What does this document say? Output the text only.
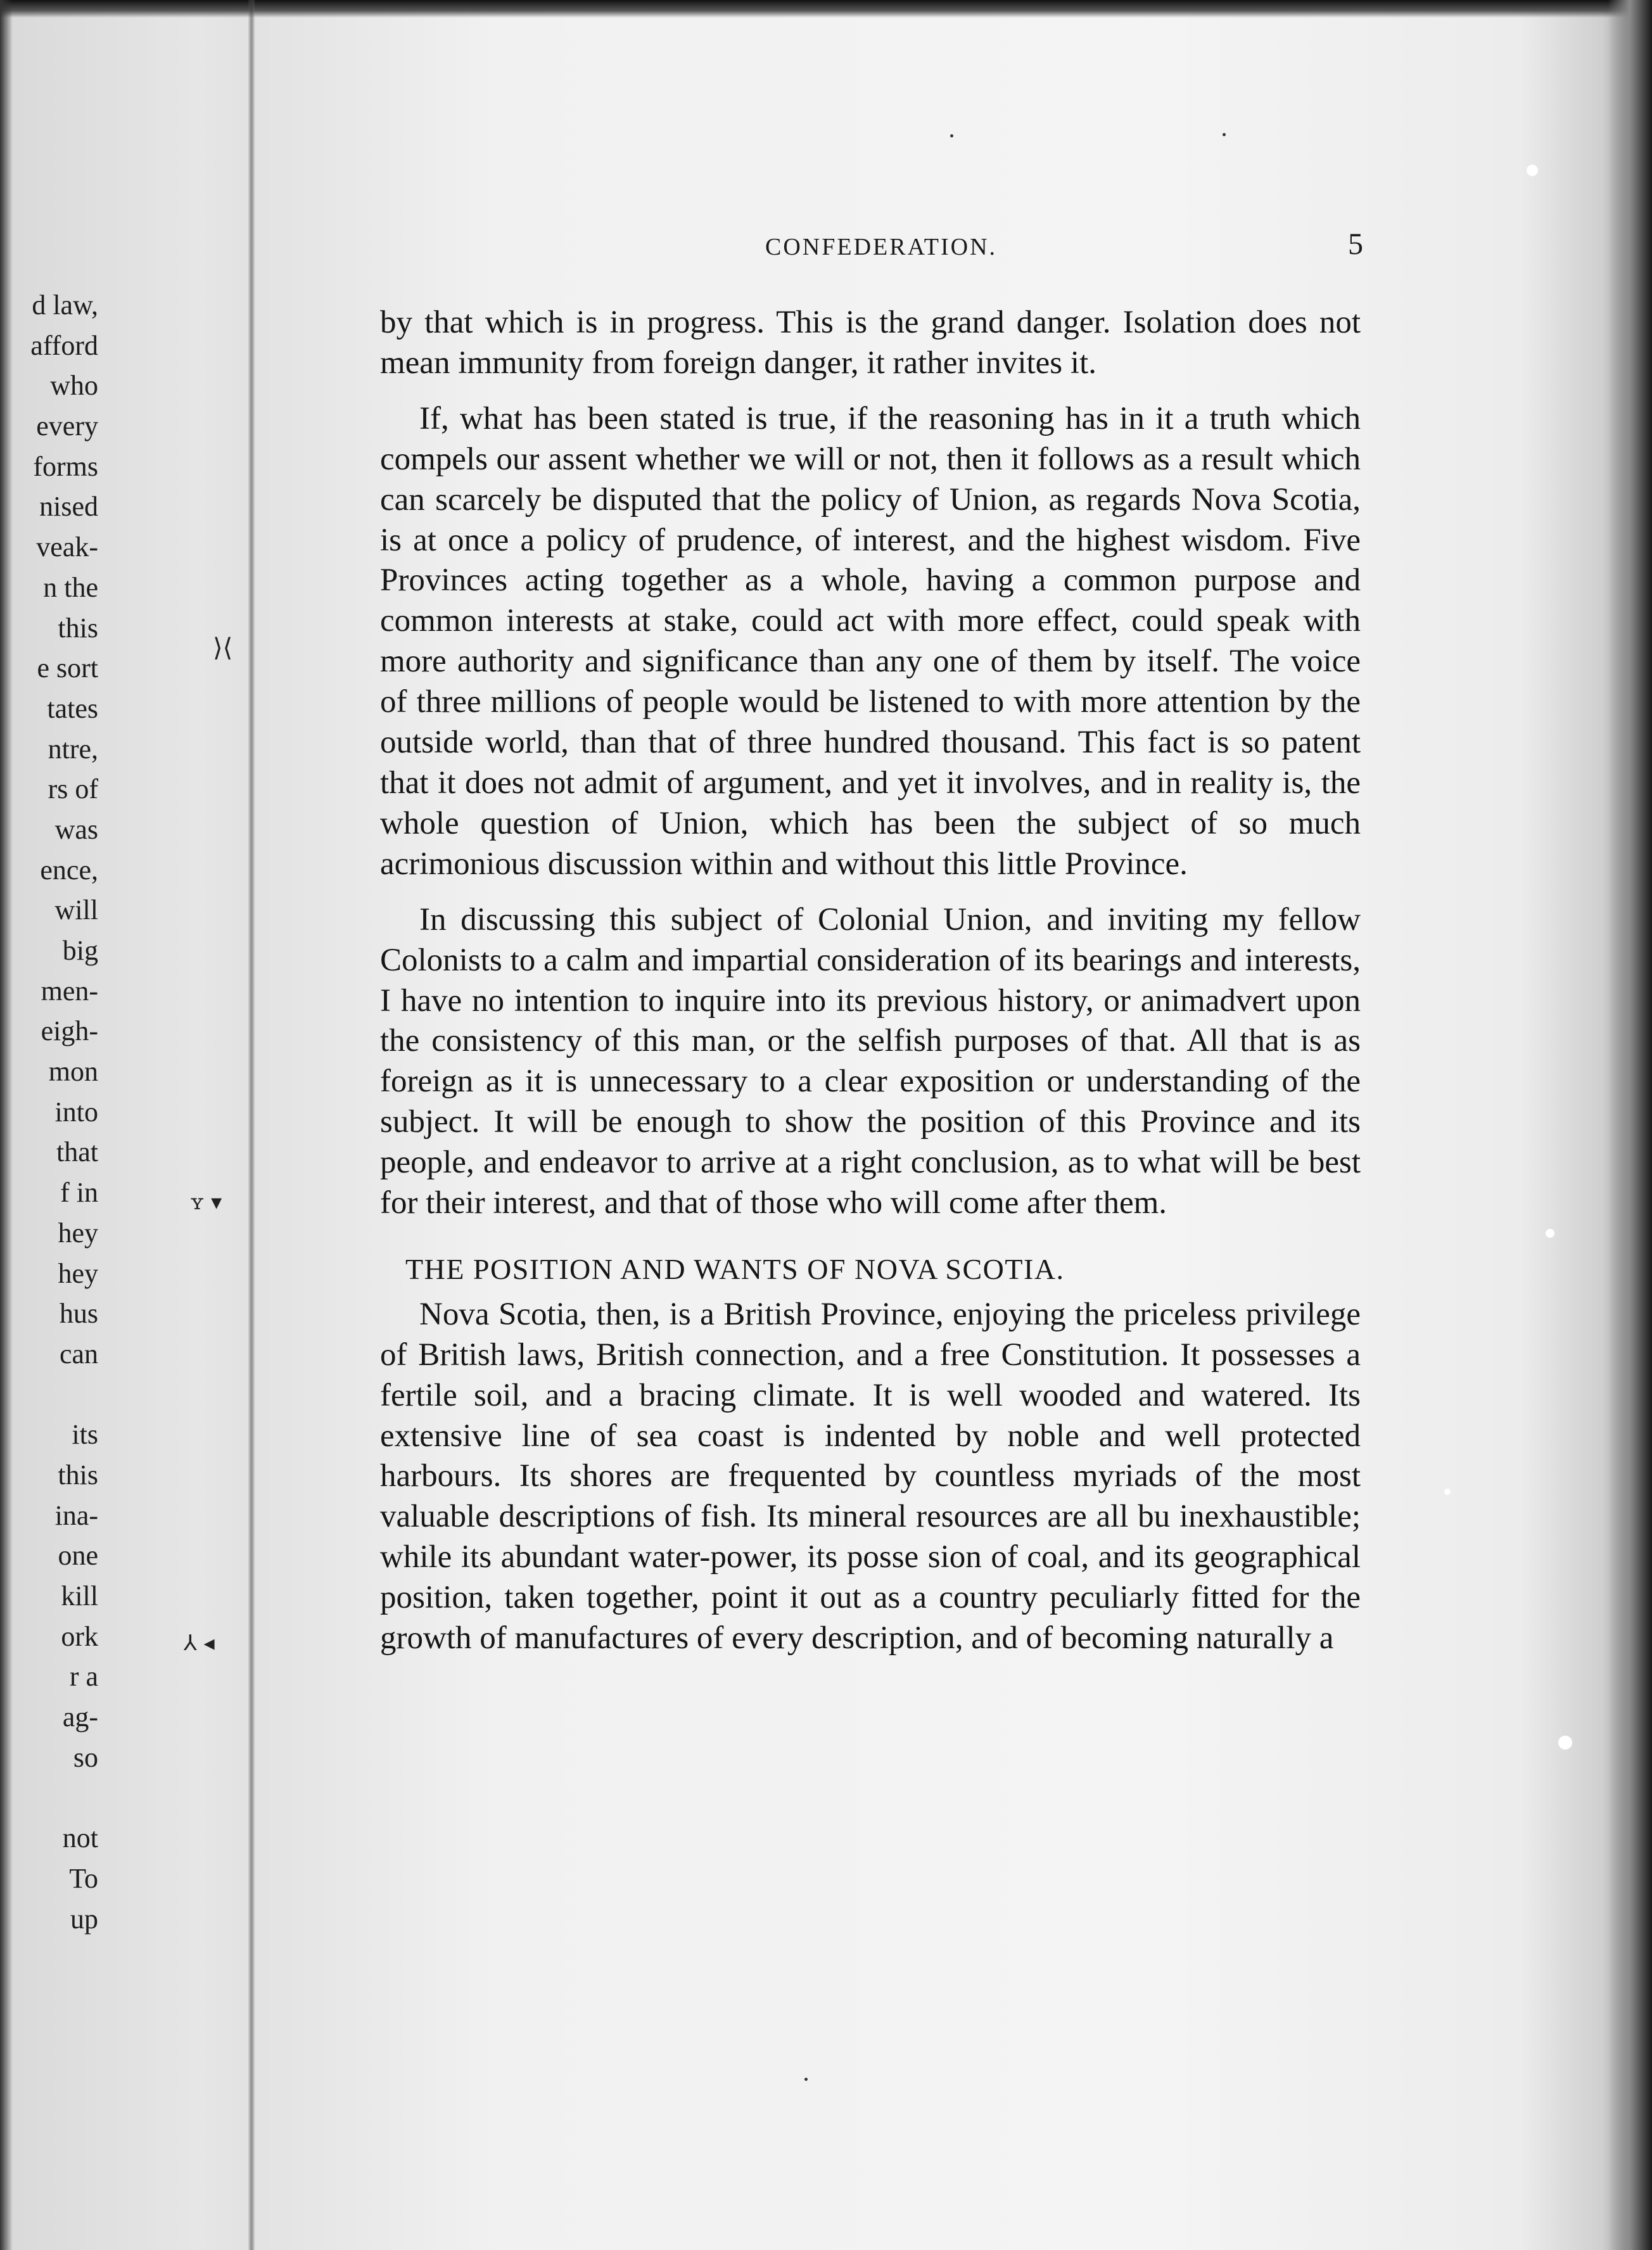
⟩⟨
ʏ ▾
⅄ ◂
d law,
afford
who
every
forms
nised
veak-
n the
this
e sort
tates
ntre,
rs of
was
ence,
will
big
men-
eigh-
mon
into
that
f in
hey
hey
hus
can
its
this
ina-
one
kill
ork
r a
ag-
so
not
To
up
CONFEDERATION.	5

by that which is in progress. This is the grand danger. Isolation does not mean immunity from foreign danger, it rather invites it.

If, what has been stated is true, if the reasoning has in it a truth which compels our assent whether we will or not, then it follows as a result which can scarcely be disputed that the policy of Union, as regards Nova Scotia, is at once a policy of prudence, of interest, and the highest wisdom. Five Provinces acting together as a whole, having a common purpose and common interests at stake, could act with more effect, could speak with more authority and significance than any one of them by itself. The voice of three millions of people would be listened to with more attention by the outside world, than that of three hundred thousand. This fact is so patent that it does not admit of argument, and yet it involves, and in reality is, the whole question of Union, which has been the subject of so much acrimonious discussion within and without this little Province.

In discussing this subject of Colonial Union, and inviting my fellow Colonists to a calm and impartial consideration of its bearings and interests, I have no intention to inquire into its previous history, or animadvert upon the consistency of this man, or the selfish purposes of that. All that is as foreign as it is unnecessary to a clear exposition or understanding of the subject. It will be enough to show the position of this Province and its people, and endeavor to arrive at a right conclusion, as to what will be best for their interest, and that of those who will come after them.

THE POSITION AND WANTS OF NOVA SCOTIA.

Nova Scotia, then, is a British Province, enjoying the priceless privilege of British laws, British connection, and a free Constitution. It possesses a fertile soil, and a bracing climate. It is well wooded and watered. Its extensive line of sea coast is indented by noble and well protected harbours. Its shores are frequented by countless myriads of the most valuable descriptions of fish. Its mineral resources are all bu inexhaustible; while its abundant water-power, its posse sion of coal, and its geographical position, taken together, point it out as a country peculiarly fitted for the growth of manufactures of every description, and of becoming naturally a
